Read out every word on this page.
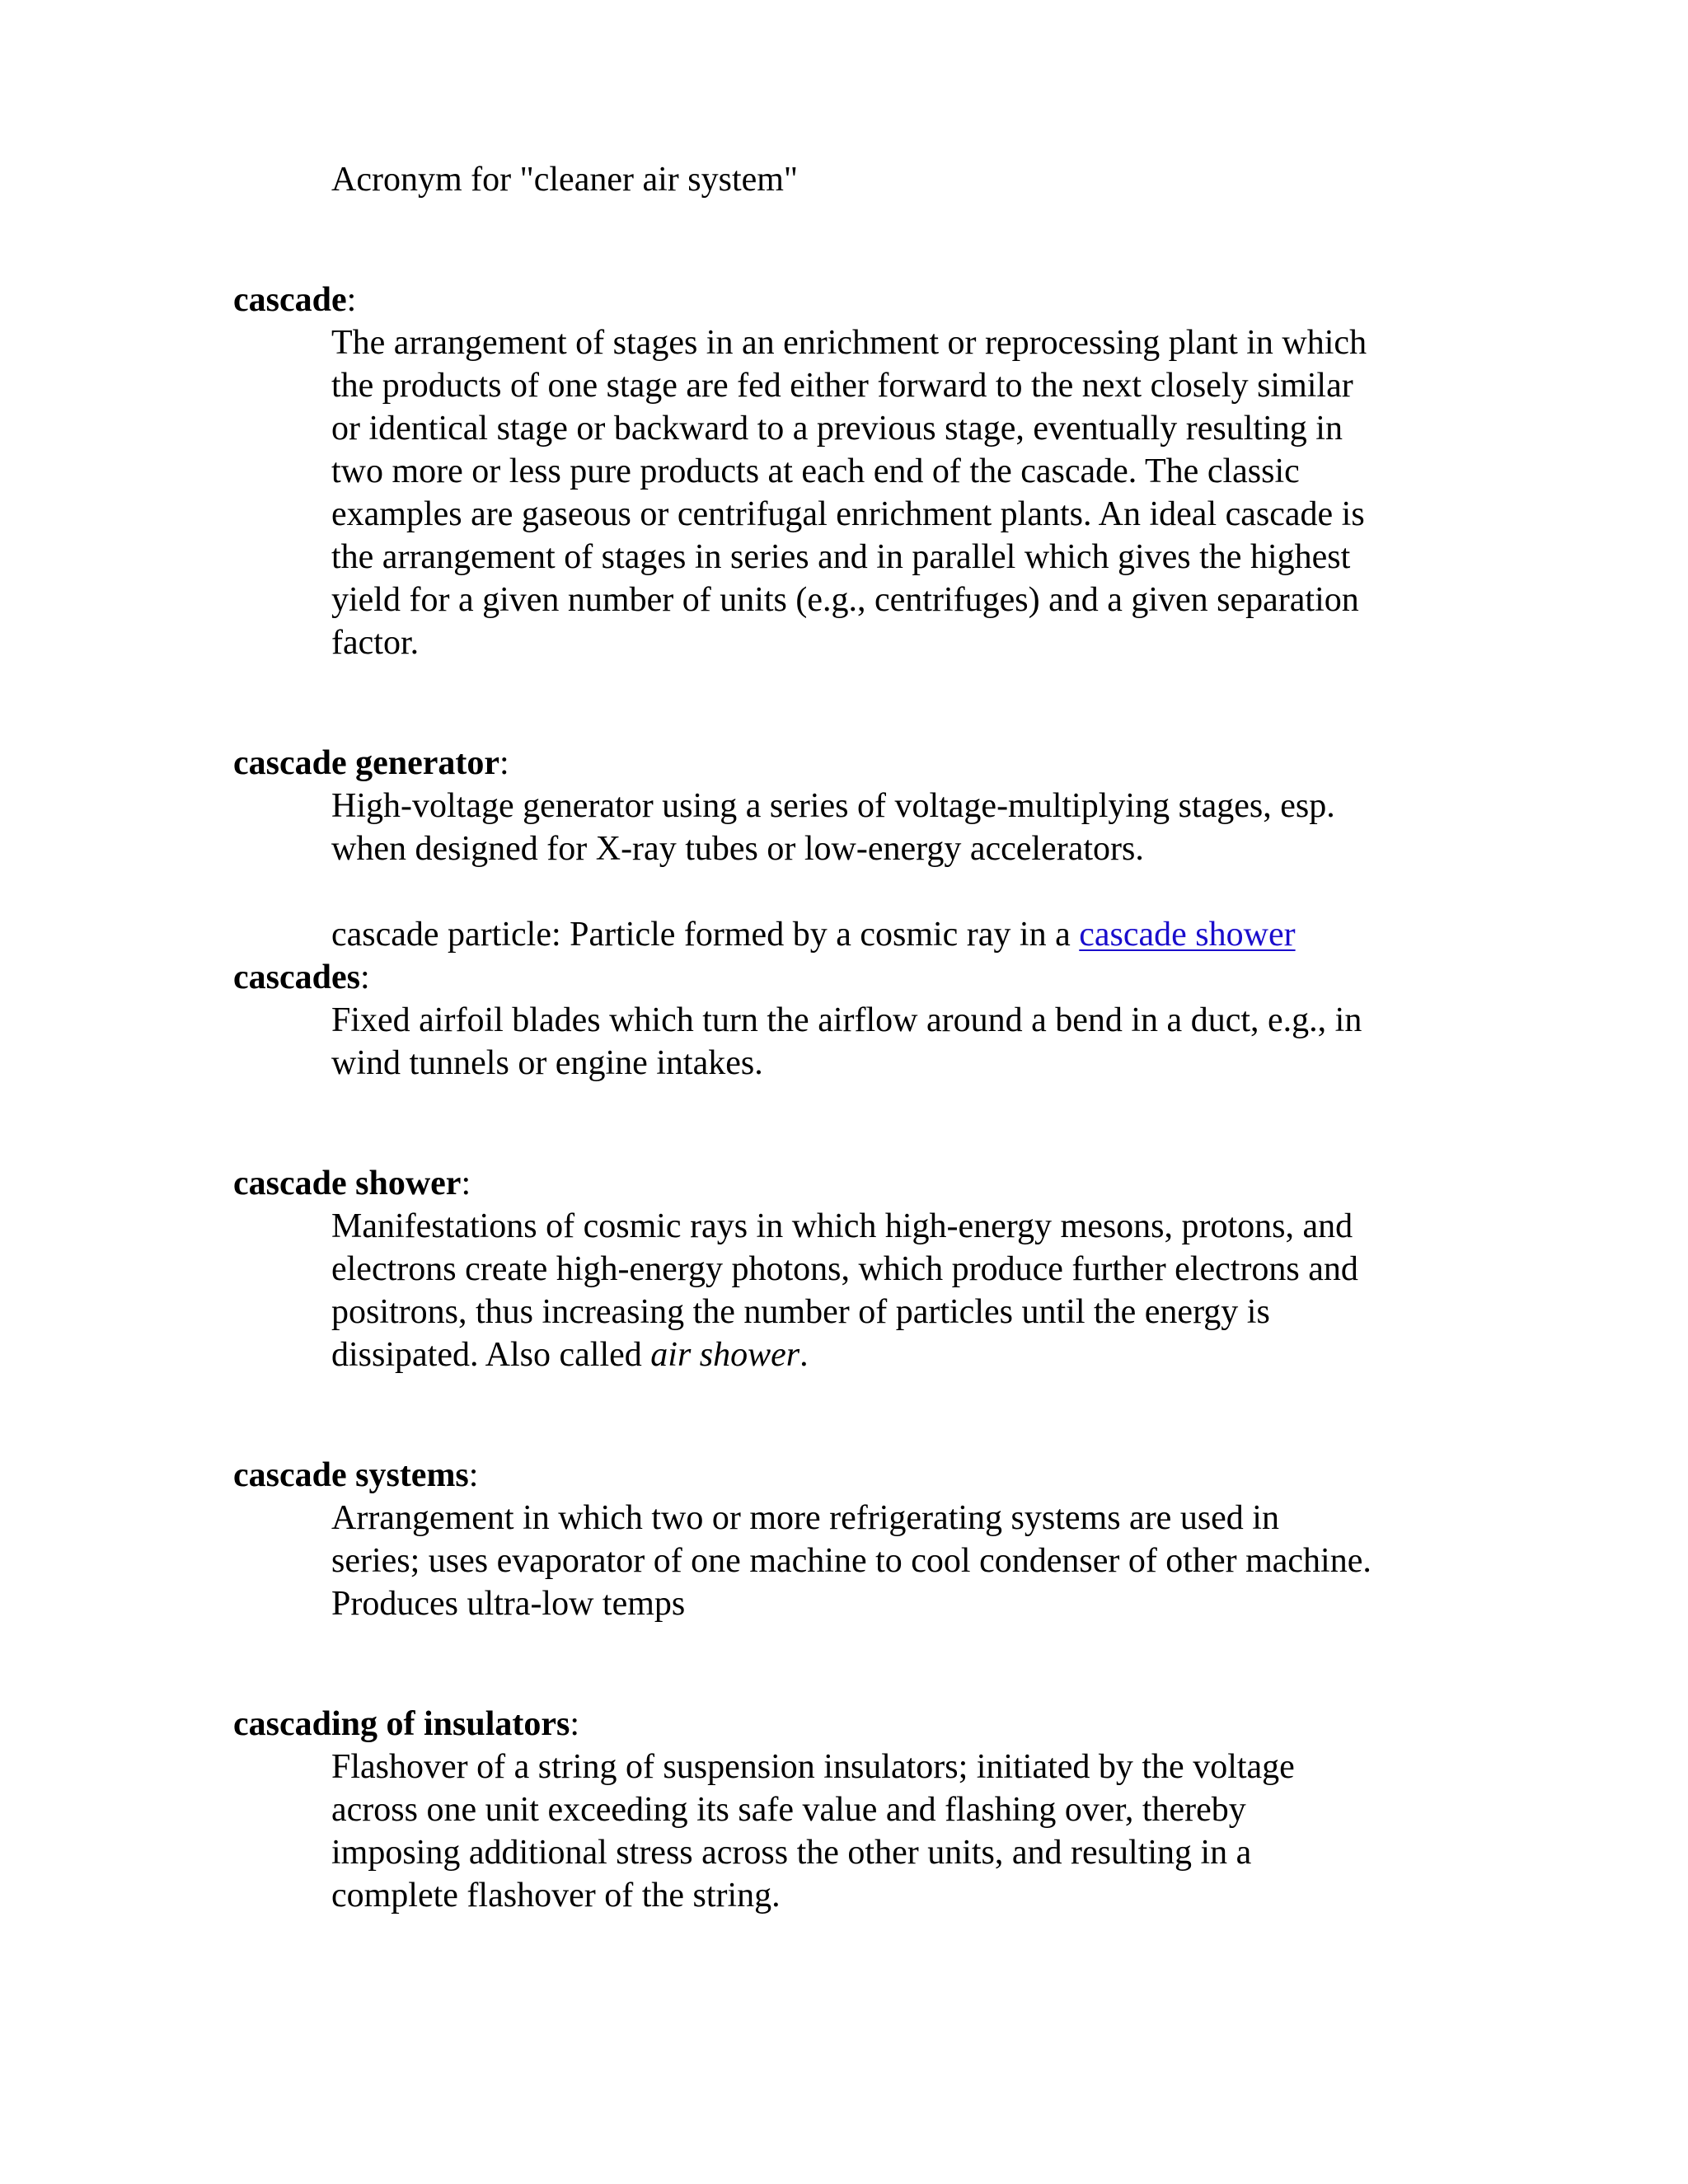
Acronym for "cleaner air system"
cascade:
The arrangement of stages in an enrichment or reprocessing plant in which
the products of one stage are fed either forward to the next closely similar
or identical stage or backward to a previous stage, eventually resulting in
two more or less pure products at each end of the cascade. The classic
examples are gaseous or centrifugal enrichment plants. An ideal cascade is
the arrangement of stages in series and in parallel which gives the highest
yield for a given number of units (e.g., centrifuges) and a given separation
factor.
cascade generator:
High-voltage generator using a series of voltage-multiplying stages, esp.
when designed for X-ray tubes or low-energy accelerators.
cascade particle: Particle formed by a cosmic ray in a cascade shower
cascades:
Fixed airfoil blades which turn the airflow around a bend in a duct, e.g., in
wind tunnels or engine intakes.
cascade shower:
Manifestations of cosmic rays in which high-energy mesons, protons, and
electrons create high-energy photons, which produce further electrons and
positrons, thus increasing the number of particles until the energy is
dissipated. Also called air shower.
cascade systems:
Arrangement in which two or more refrigerating systems are used in
series; uses evaporator of one machine to cool condenser of other machine.
Produces ultra-low temps
cascading of insulators:
Flashover of a string of suspension insulators; initiated by the voltage
across one unit exceeding its safe value and flashing over, thereby
imposing additional stress across the other units, and resulting in a
complete flashover of the string.
